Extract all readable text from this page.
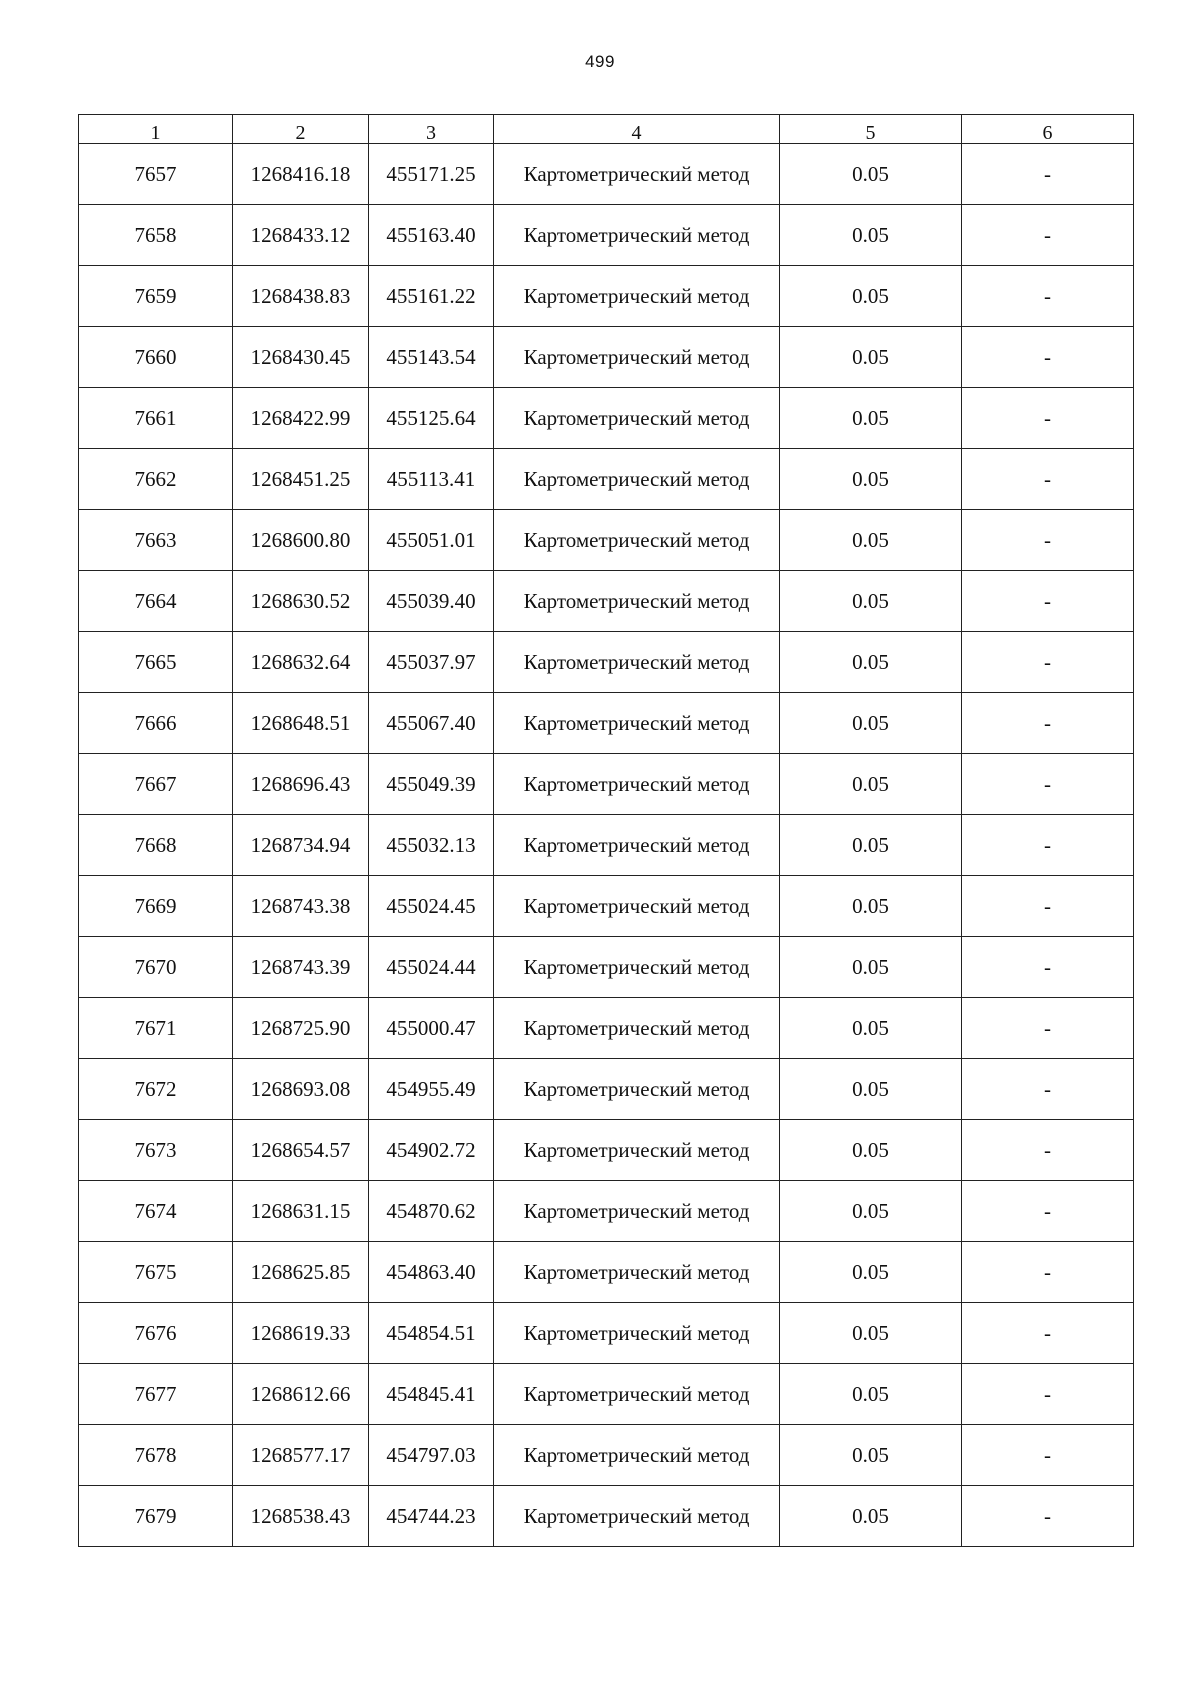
499
1	2	3	4	5	6
7657	1268416.18	455171.25	Картометрический метод	0.05	-
7658	1268433.12	455163.40	Картометрический метод	0.05	-
7659	1268438.83	455161.22	Картометрический метод	0.05	-
7660	1268430.45	455143.54	Картометрический метод	0.05	-
7661	1268422.99	455125.64	Картометрический метод	0.05	-
7662	1268451.25	455113.41	Картометрический метод	0.05	-
7663	1268600.80	455051.01	Картометрический метод	0.05	-
7664	1268630.52	455039.40	Картометрический метод	0.05	-
7665	1268632.64	455037.97	Картометрический метод	0.05	-
7666	1268648.51	455067.40	Картометрический метод	0.05	-
7667	1268696.43	455049.39	Картометрический метод	0.05	-
7668	1268734.94	455032.13	Картометрический метод	0.05	-
7669	1268743.38	455024.45	Картометрический метод	0.05	-
7670	1268743.39	455024.44	Картометрический метод	0.05	-
7671	1268725.90	455000.47	Картометрический метод	0.05	-
7672	1268693.08	454955.49	Картометрический метод	0.05	-
7673	1268654.57	454902.72	Картометрический метод	0.05	-
7674	1268631.15	454870.62	Картометрический метод	0.05	-
7675	1268625.85	454863.40	Картометрический метод	0.05	-
7676	1268619.33	454854.51	Картометрический метод	0.05	-
7677	1268612.66	454845.41	Картометрический метод	0.05	-
7678	1268577.17	454797.03	Картометрический метод	0.05	-
7679	1268538.43	454744.23	Картометрический метод	0.05	-
